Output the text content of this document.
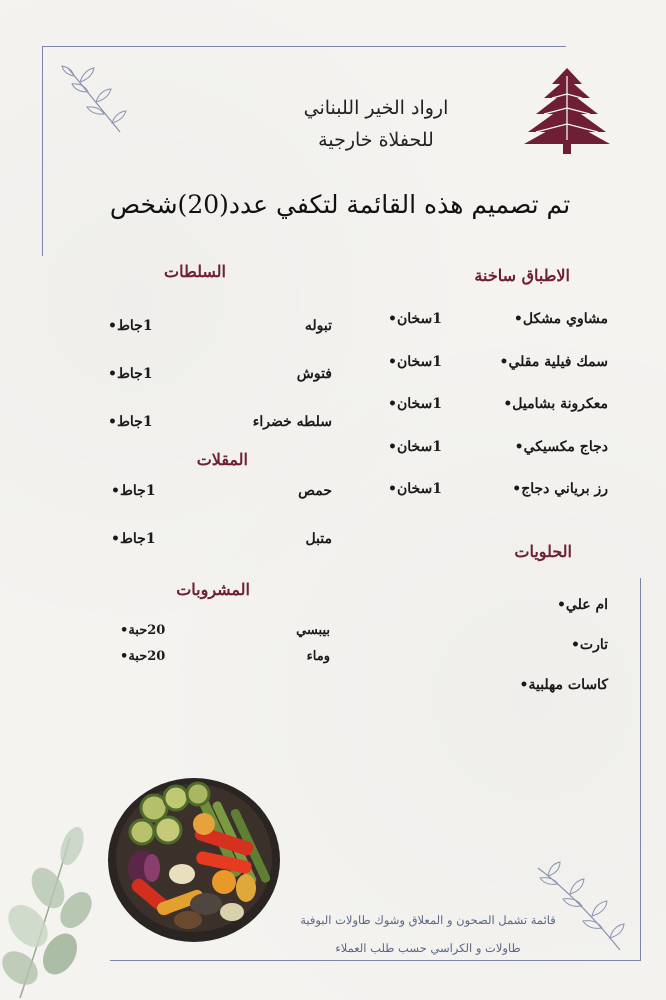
ارواد الخير اللبناني
للحفلاة خارجية
تم تصميم هذه القائمة لتكفي عدد(20)شخص
الاطباق ساخنة
مشاوي مشكل•
1سخان•
سمك فيلية مقلي•
1سخان•
معكرونة بشاميل•
1سخان•
دجاج مكسيكي•
1سخان•
رز برياني دجاج•
1سخان•
السلطات
تبوله
1جاط•
فتوش
1جاط•
سلطه خضراء
1جاط•
المقلات
حمص
1جاط•
متبل
1جاط•
المشروبات
بيبسي
20حبة•
وماء
20حبة•
الحلويات
ام علي•
تارت•
كاسات مهلبية•
قائمة تشمل الصحون و المعلاق وشوك طاولات البوفية
طاولات و الكراسي حسب طلب العملاء
